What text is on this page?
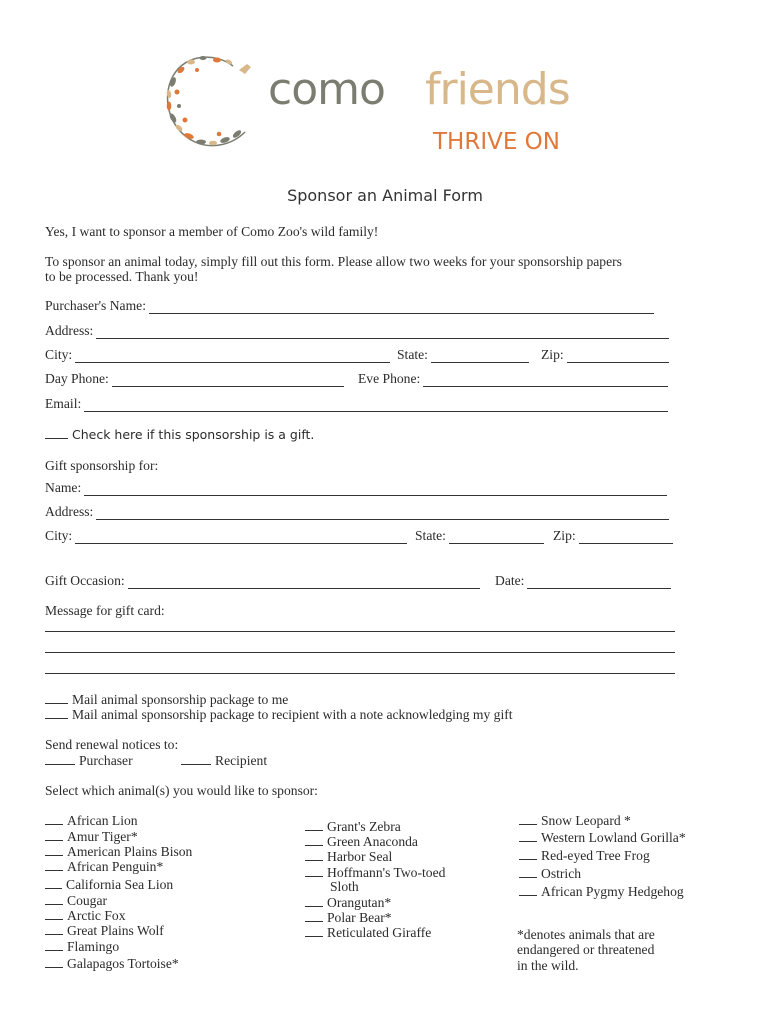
como friends
THRIVE ON
Sponsor an Animal Form
Yes, I want to sponsor a member of Como Zoo's wild family!
To sponsor an animal today, simply fill out this form. Please allow two weeks for your sponsorship papers
to be processed. Thank you!
Purchaser's Name:
Address:
City:	State:	Zip:
Day Phone:	Eve Phone:
Email:
Check here if this sponsorship is a gift.
Gift sponsorship for:
Name:
Address:
City:	State:	Zip:
Gift Occasion:	Date:
Message for gift card:
Mail animal sponsorship package to me
Mail animal sponsorship package to recipient with a note acknowledging my gift
Send renewal notices to:
Purchaser	Recipient
Select which animal(s) you would like to sponsor:
African Lion
Amur Tiger*
American Plains Bison
African Penguin*
California Sea Lion
Cougar
Arctic Fox
Great Plains Wolf
Flamingo
Galapagos Tortoise*
Grant's Zebra
Green Anaconda
Harbor Seal
Hoffmann's Two-toed
Sloth
Orangutan*
Polar Bear*
Reticulated Giraffe
Snow Leopard *
Western Lowland Gorilla*
Red-eyed Tree Frog
Ostrich
African Pygmy Hedgehog
*denotes animals that are
endangered or threatened
in the wild.
